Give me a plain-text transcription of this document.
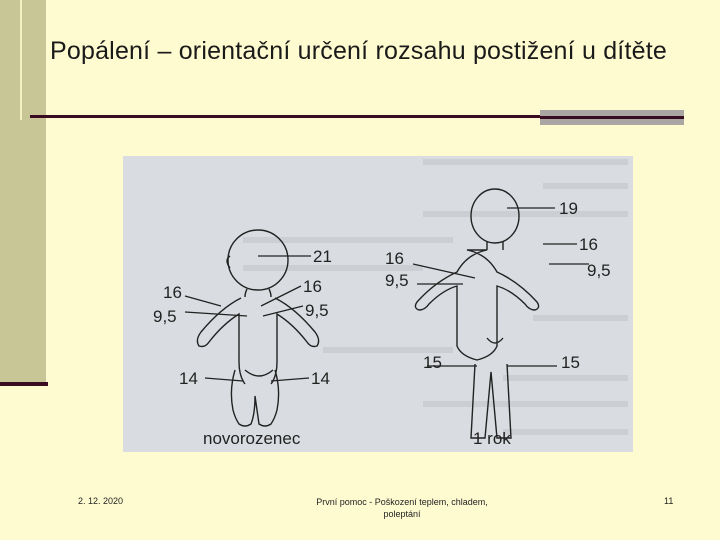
Popálení – orientační určení rozsahu postižení u dítěte
21
16
9,5
16
9,5
14	14
novorozenec
19
16
9,5
16
9,5
15	15
1 rok
2. 12. 2020	První pomoc - Poškození teplem, chladem,
poleptání
11
